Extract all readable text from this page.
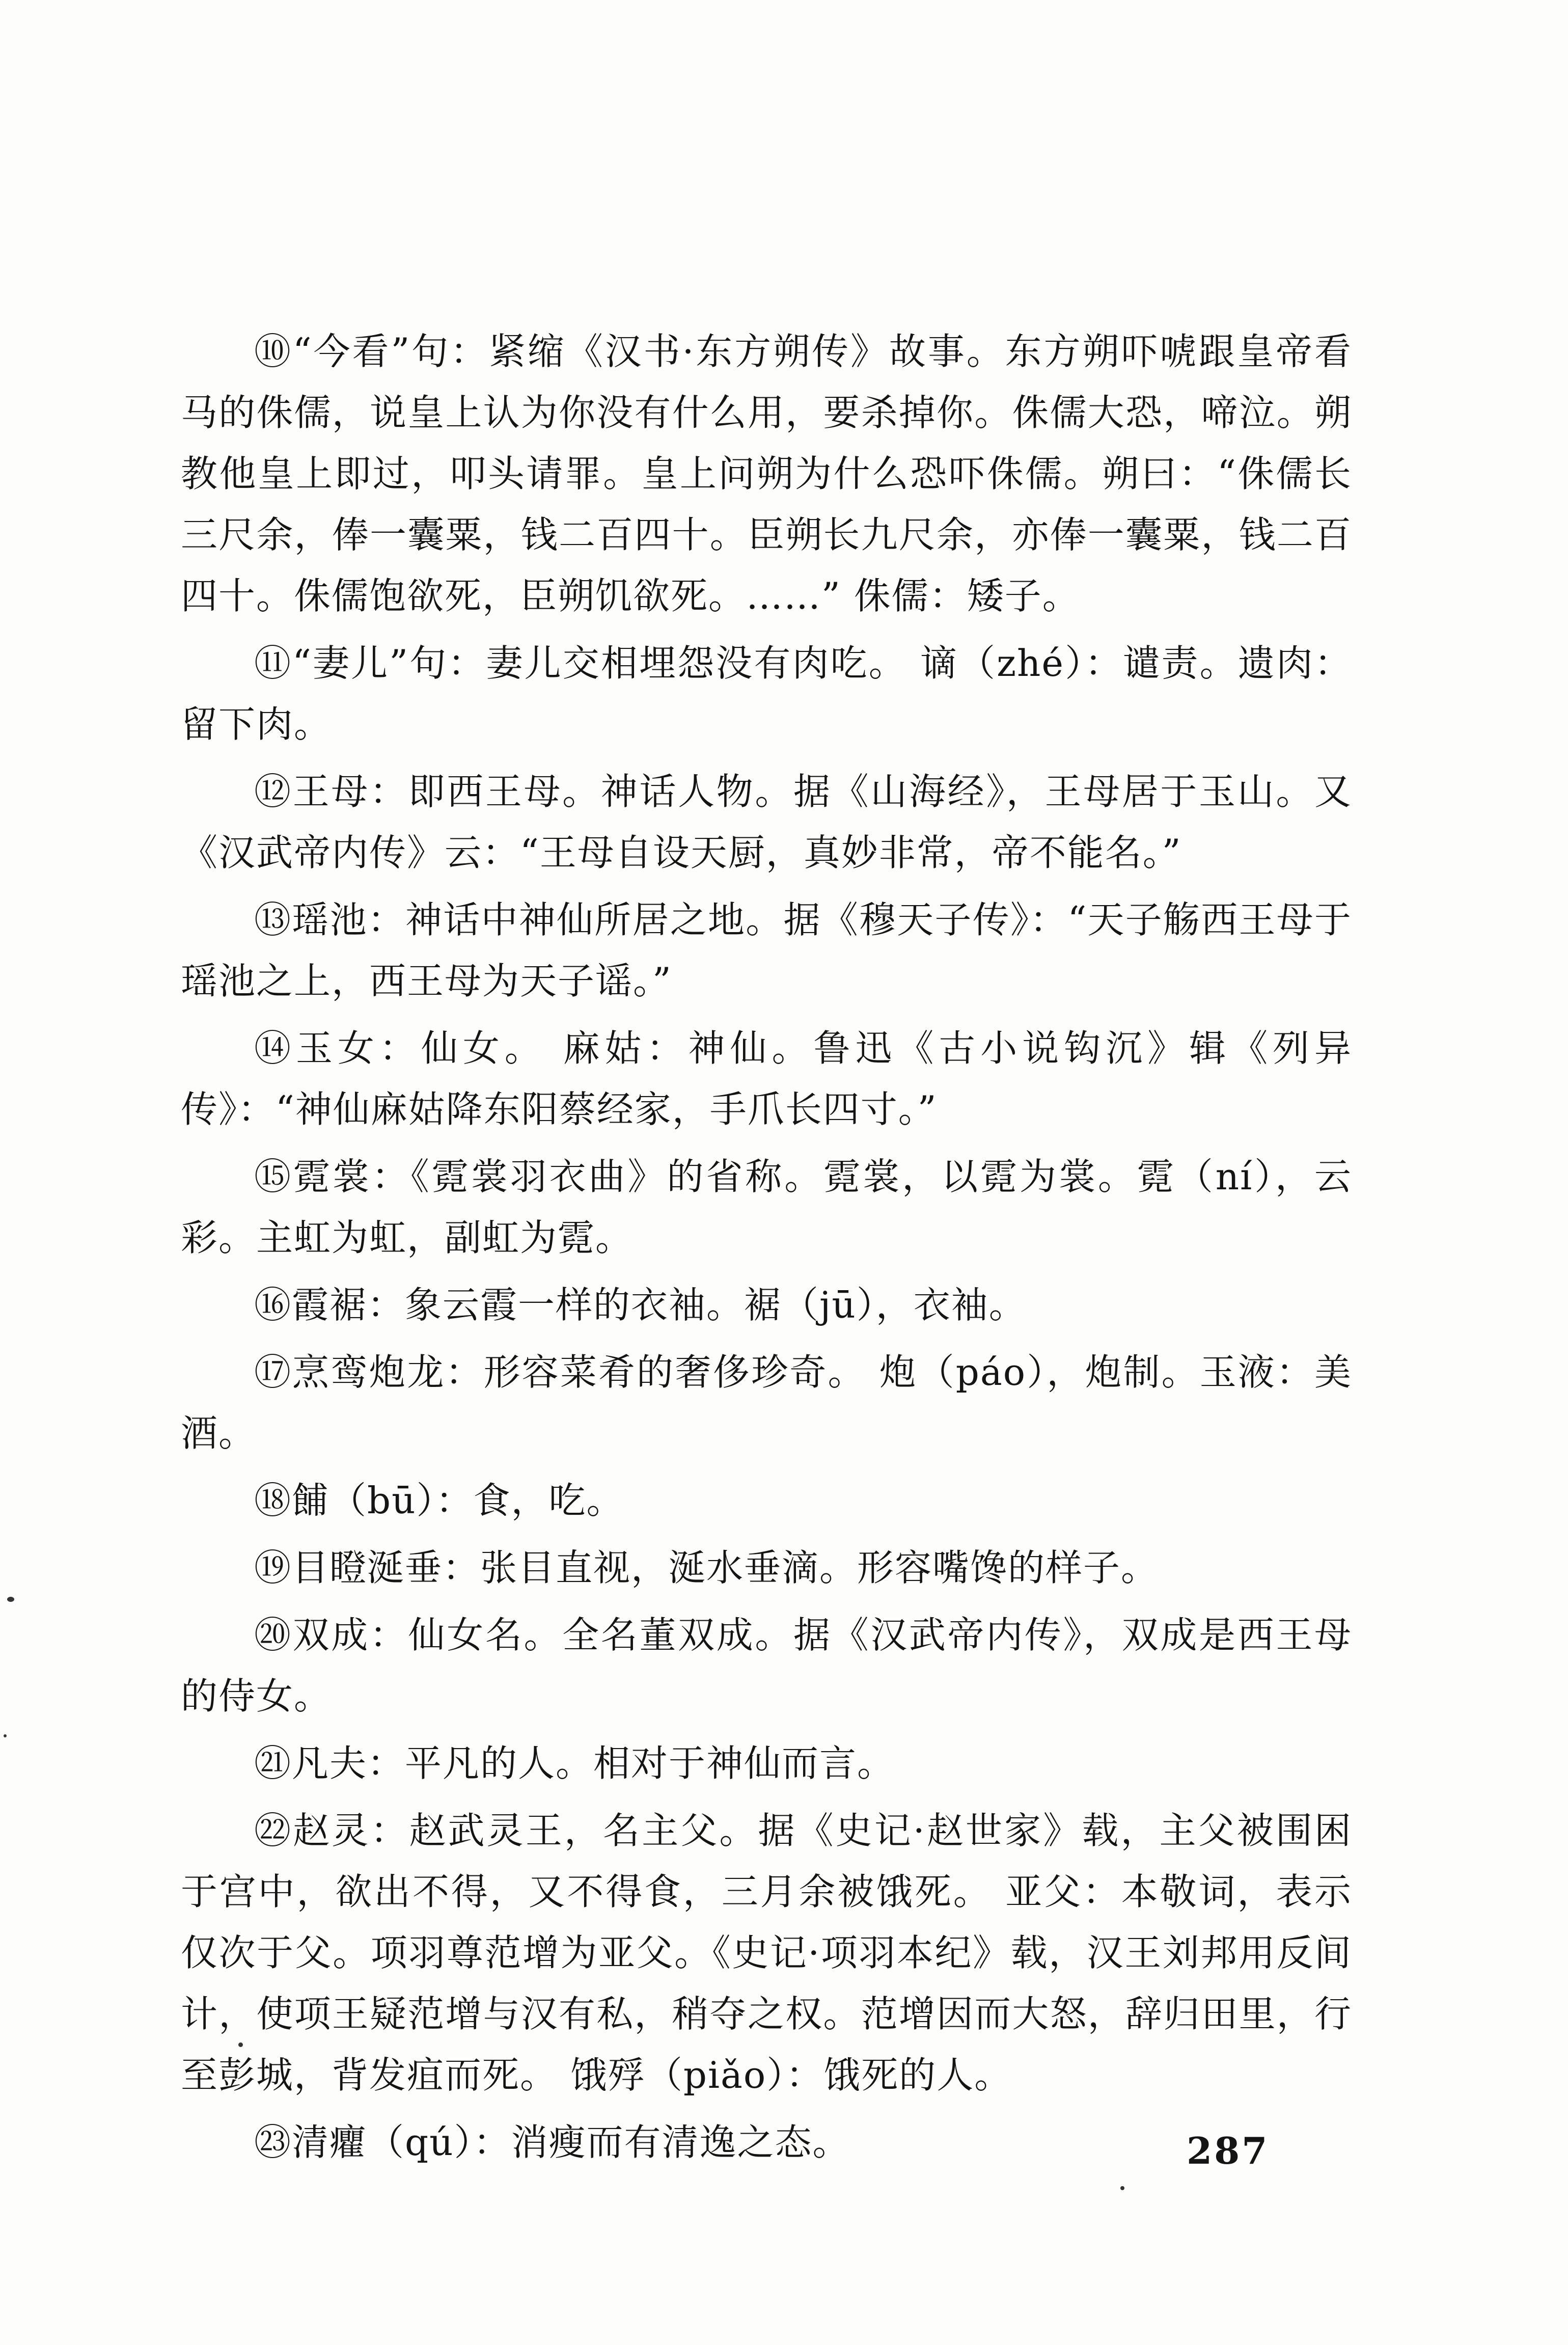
⑩“今看”句：紧缩《汉书·东方朔传》故事。东方朔吓唬跟皇帝看马的侏儒，说皇上认为你没有什么用，要杀掉你。侏儒大恐，啼泣。朔教他皇上即过，叩头请罪。皇上问朔为什么恐吓侏儒。朔曰：“侏儒长三尺余，俸一囊粟，钱二百四十。臣朔长九尺余，亦俸一囊粟，钱二百四十。侏儒饱欲死，臣朔饥欲死。……” 侏儒：矮子。

⑪“妻儿”句：妻儿交相埋怨没有肉吃。 谪（zhé）：谴责。遗肉：留下肉。

⑫王母：即西王母。神话人物。据《山海经》，王母居于玉山。又《汉武帝内传》云：“王母自设天厨，真妙非常，帝不能名。”

⑬瑶池：神话中神仙所居之地。据《穆天子传》：“天子觞西王母于瑶池之上，西王母为天子谣。”

⑭玉女：仙女。 麻姑：神仙。鲁迅《古小说钩沉》辑《列异传》：“神仙麻姑降东阳蔡经家，手爪长四寸。”

⑮霓裳：《霓裳羽衣曲》的省称。霓裳，以霓为裳。霓（ní），云彩。主虹为虹，副虹为霓。

⑯霞裾：象云霞一样的衣袖。裾（jū），衣袖。

⑰烹鸾炮龙：形容菜肴的奢侈珍奇。 炮（páo），炮制。玉液：美酒。

⑱餔（bū）：食，吃。

⑲目瞪涎垂：张目直视，涎水垂滴。形容嘴馋的样子。

⑳双成：仙女名。全名董双成。据《汉武帝内传》，双成是西王母的侍女。

㉑凡夫：平凡的人。相对于神仙而言。

㉒赵灵：赵武灵王，名主父。据《史记·赵世家》载，主父被围困于宫中，欲出不得，又不得食，三月余被饿死。 亚父：本敬词，表示仅次于父。项羽尊范增为亚父。《史记·项羽本纪》载，汉王刘邦用反间计，使项王疑范增与汉有私，稍夺之权。范增因而大怒，辞归田里，行至彭城，背发疽而死。 饿殍（piǎo）：饿死的人。

㉓清癯（qú）：消瘦而有清逸之态。	287
